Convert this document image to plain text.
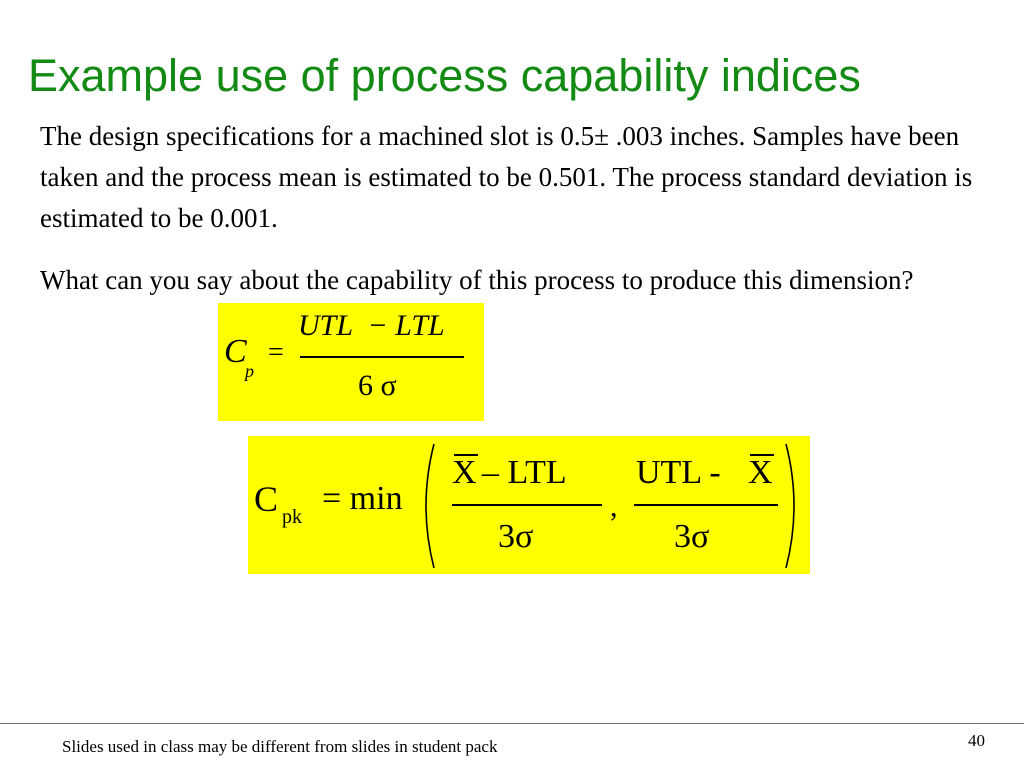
Example use of process capability indices
The design specifications for a machined slot is 0.5± .003 inches. Samples have been taken and the process mean is estimated to be 0.501. The process standard deviation is estimated to be 0.001.
What can you say about the capability of this process to produce this dimension?
C
p
=
UTL  − LTL
6 σ
C pk = min
X – LTL
3σ
,
UTL - X
3σ
Slides used in class may be different from slides in student pack	40
